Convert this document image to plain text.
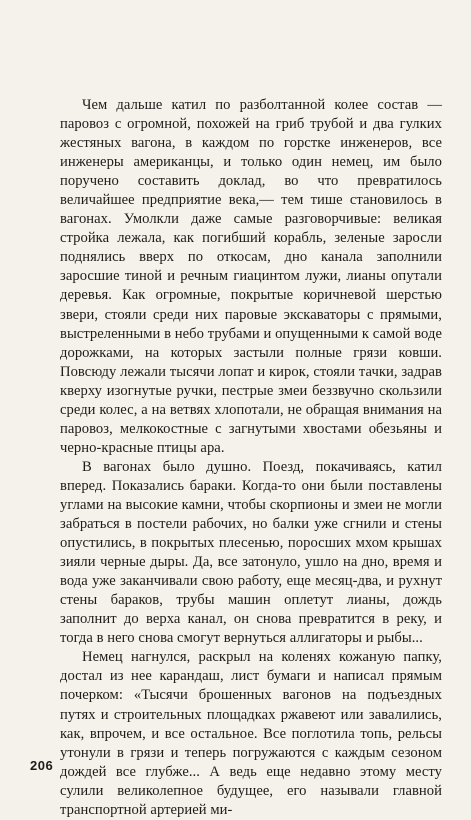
Чем дальше катил по разболтанной колее состав — паровоз с огромной, похожей на гриб трубой и два гулких жестяных вагона, в каждом по горстке инженеров, все инженеры американцы, и только один немец, им было поручено составить доклад, во что превратилось величайшее предприятие века,— тем тише становилось в вагонах. Умолкли даже самые разговорчивые: великая стройка лежала, как погибший корабль, зеленые заросли поднялись вверх по откосам, дно канала заполнили заросшие тиной и речным гиацинтом лужи, лианы опутали деревья. Как огромные, покрытые коричневой шерстью звери, стояли среди них паровые экскаваторы с прямыми, выстреленными в небо трубами и опущенными к самой воде дорожками, на которых застыли полные грязи ковши. Повсюду лежали тысячи лопат и кирок, стояли тачки, задрав кверху изогнутые ручки, пестрые змеи беззвучно скользили среди колес, а на ветвях хлопотали, не обращая внимания на паровоз, мелкокостные с загнутыми хвостами обезьяны и черно-красные птицы ара.

В вагонах было душно. Поезд, покачиваясь, катил вперед. Показались бараки. Когда-то они были поставлены углами на высокие камни, чтобы скорпионы и змеи не могли забраться в постели рабочих, но балки уже сгнили и стены опустились, в покрытых плесенью, поросших мхом крышах зияли черные дыры. Да, все затонуло, ушло на дно, время и вода уже заканчивали свою работу, еще месяц-два, и рухнут стены бараков, трубы машин оплетут лианы, дождь заполнит до верха канал, он снова превратится в реку, и тогда в него снова смогут вернуться аллигаторы и рыбы...

Немец нагнулся, раскрыл на коленях кожаную папку, достал из нее карандаш, лист бумаги и написал прямым почерком: «Тысячи брошенных вагонов на подъездных путях и строительных площадках ржавеют или завалились, как, впрочем, и все остальное. Все поглотила топь, рельсы утонули в грязи и теперь погружаются с каждым сезоном дождей все глубже... А ведь еще недавно этому месту сулили великолепное будущее, его называли главной транспортной артерией ми-

206
